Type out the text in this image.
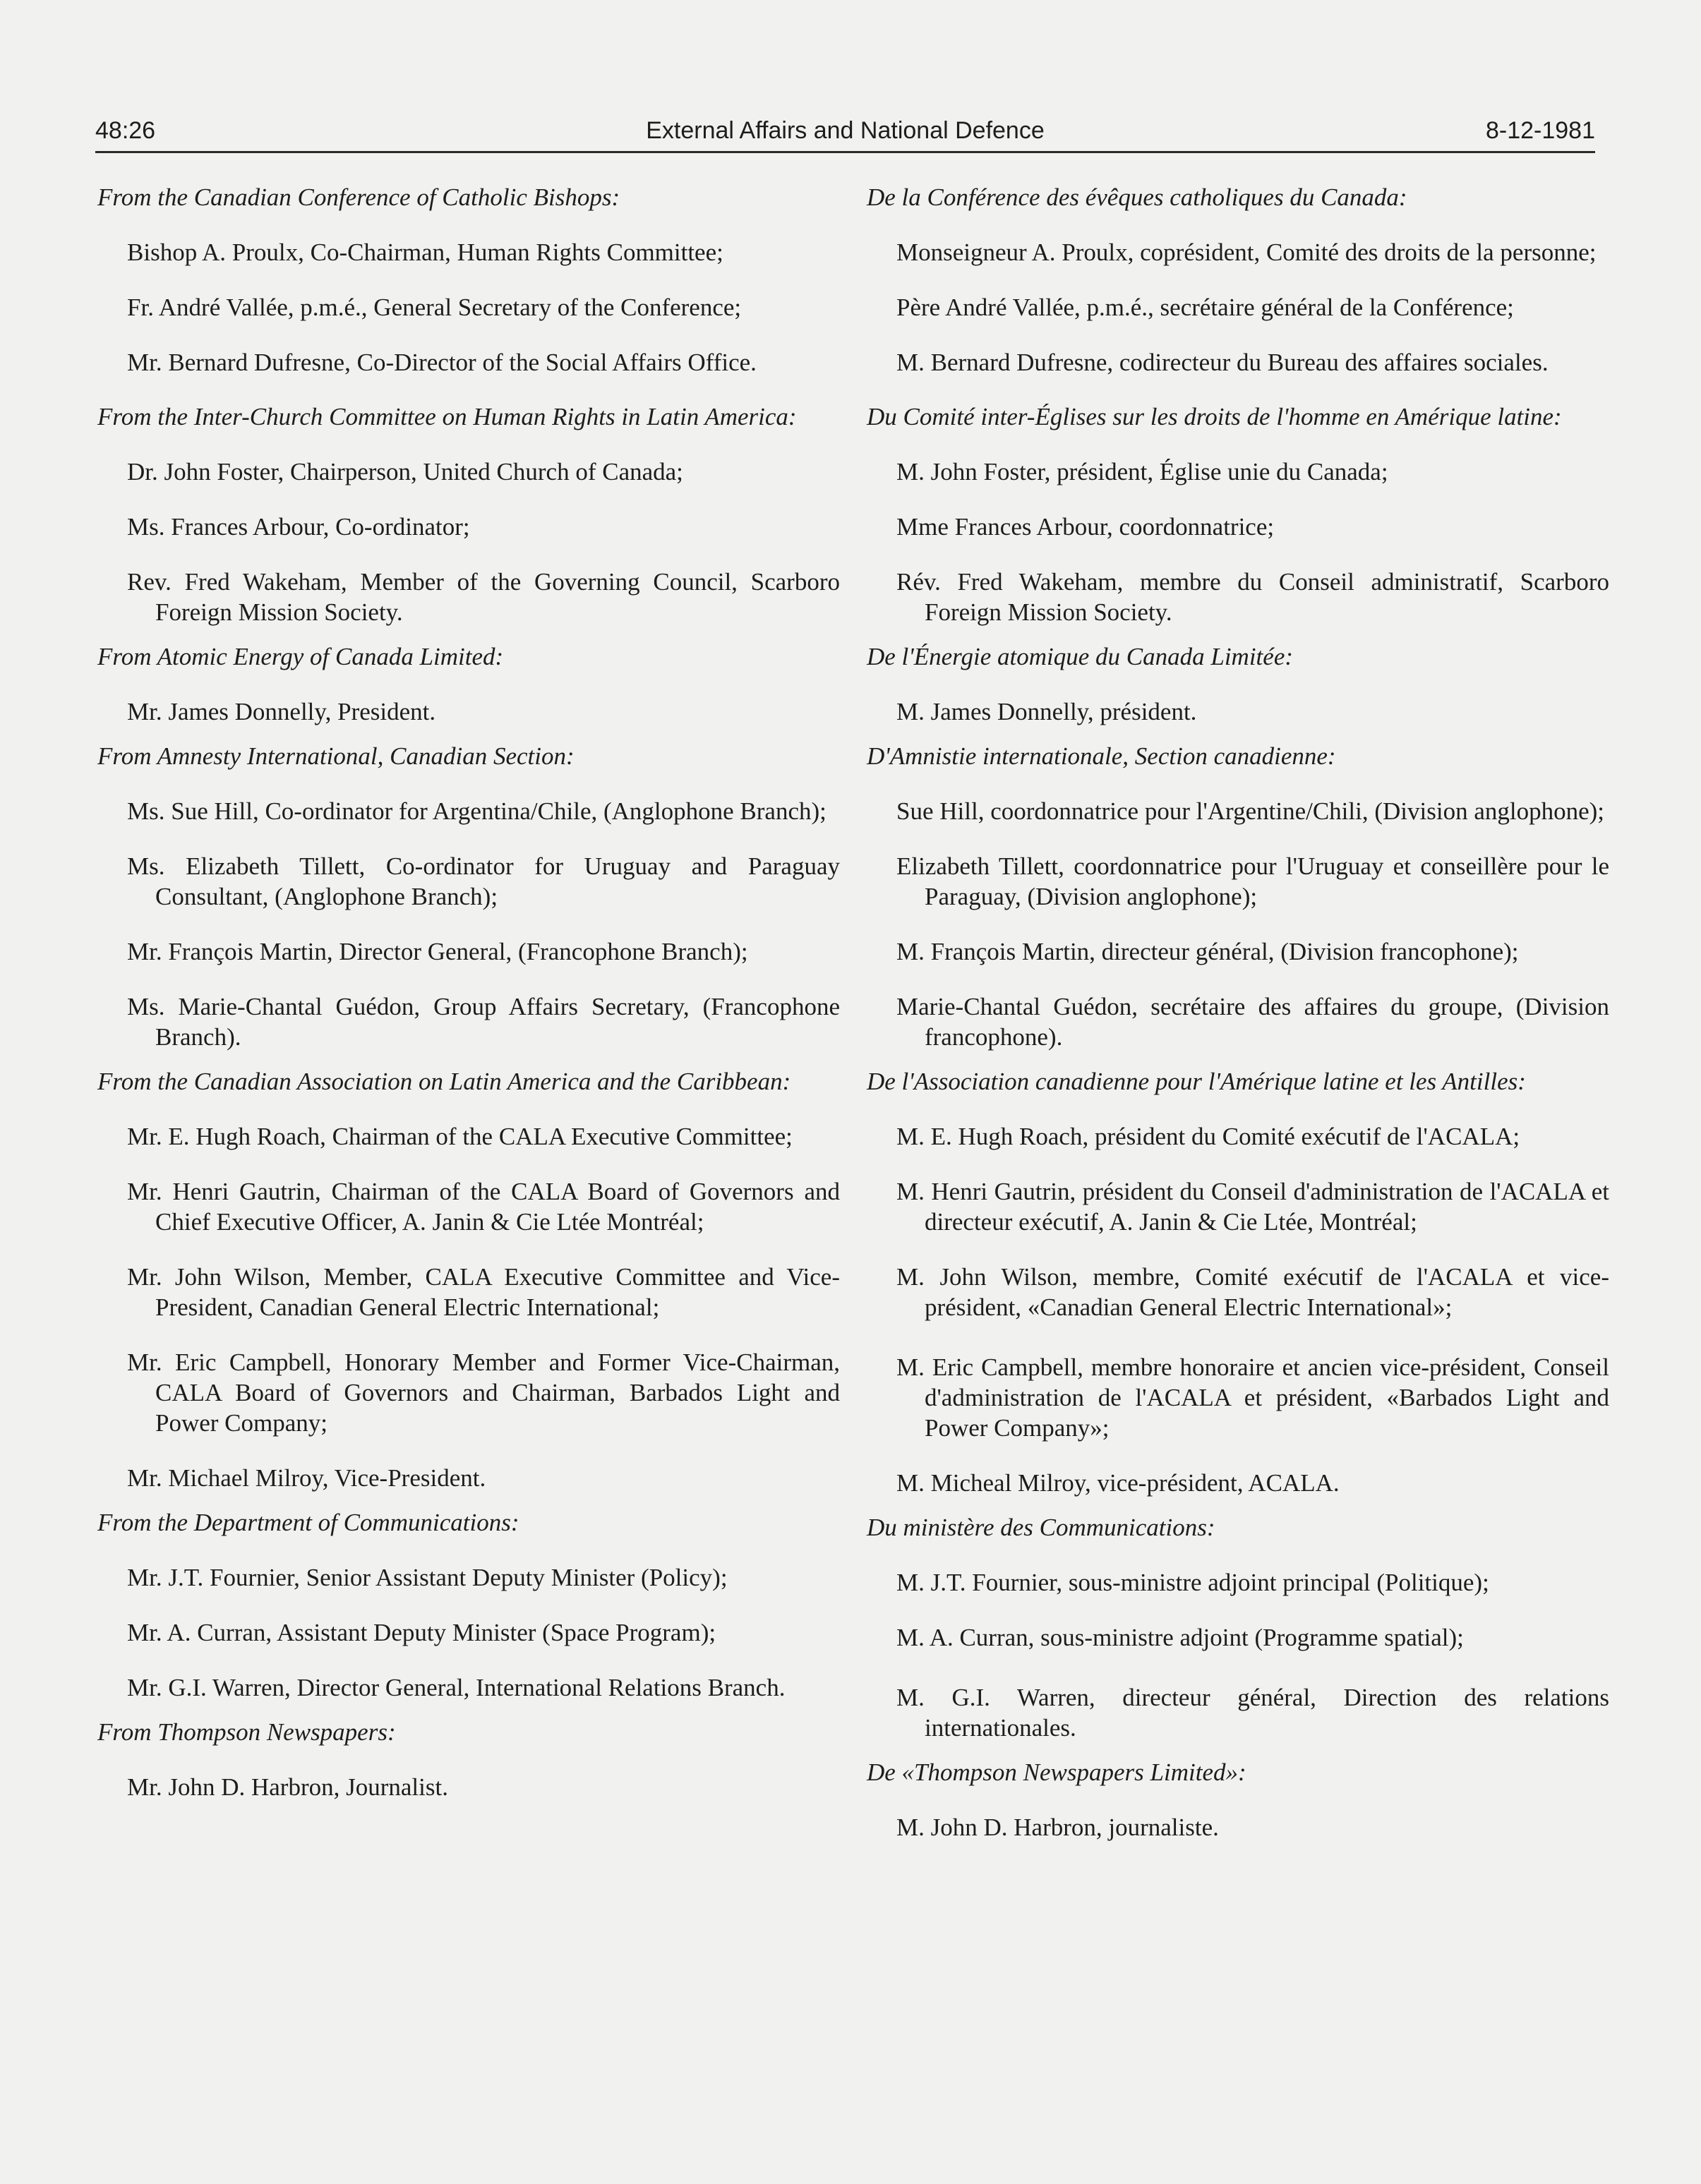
48:26	External Affairs and National Defence	8-12-1981

From the Canadian Conference of Catholic Bishops:

Bishop A. Proulx, Co-Chairman, Human Rights Committee;

Fr. André Vallée, p.m.é., General Secretary of the Conference;

Mr. Bernard Dufresne, Co-Director of the Social Affairs Office.

From the Inter-Church Committee on Human Rights in Latin America:

Dr. John Foster, Chairperson, United Church of Canada;

Ms. Frances Arbour, Co-ordinator;

Rev. Fred Wakeham, Member of the Governing Council, Scarboro Foreign Mission Society.

From Atomic Energy of Canada Limited:

Mr. James Donnelly, President.

From Amnesty International, Canadian Section:

Ms. Sue Hill, Co-ordinator for Argentina/Chile, (Anglophone Branch);

Ms. Elizabeth Tillett, Co-ordinator for Uruguay and Paraguay Consultant, (Anglophone Branch);

Mr. François Martin, Director General, (Francophone Branch);

Ms. Marie-Chantal Guédon, Group Affairs Secretary, (Francophone Branch).

From the Canadian Association on Latin America and the Caribbean:

Mr. E. Hugh Roach, Chairman of the CALA Executive Committee;

Mr. Henri Gautrin, Chairman of the CALA Board of Governors and Chief Executive Officer, A. Janin & Cie Ltée Montréal;

Mr. John Wilson, Member, CALA Executive Committee and Vice-President, Canadian General Electric International;

Mr. Eric Campbell, Honorary Member and Former Vice-Chairman, CALA Board of Governors and Chairman, Barbados Light and Power Company;

Mr. Michael Milroy, Vice-President.

From the Department of Communications:

Mr. J.T. Fournier, Senior Assistant Deputy Minister (Policy);

Mr. A. Curran, Assistant Deputy Minister (Space Program);

Mr. G.I. Warren, Director General, International Relations Branch.

From Thompson Newspapers:

Mr. John D. Harbron, Journalist.

De la Conférence des évêques catholiques du Canada:

Monseigneur A. Proulx, coprésident, Comité des droits de la personne;

Père André Vallée, p.m.é., secrétaire général de la Conférence;

M. Bernard Dufresne, codirecteur du Bureau des affaires sociales.

Du Comité inter-Églises sur les droits de l'homme en Amérique latine:

M. John Foster, président, Église unie du Canada;

Mme Frances Arbour, coordonnatrice;

Rév. Fred Wakeham, membre du Conseil administratif, Scarboro Foreign Mission Society.

De l'Énergie atomique du Canada Limitée:

M. James Donnelly, président.

D'Amnistie internationale, Section canadienne:

Sue Hill, coordonnatrice pour l'Argentine/Chili, (Division anglophone);

Elizabeth Tillett, coordonnatrice pour l'Uruguay et conseillère pour le Paraguay, (Division anglophone);

M. François Martin, directeur général, (Division francophone);

Marie-Chantal Guédon, secrétaire des affaires du groupe, (Division francophone).

De l'Association canadienne pour l'Amérique latine et les Antilles:

M. E. Hugh Roach, président du Comité exécutif de l'ACALA;

M. Henri Gautrin, président du Conseil d'administration de l'ACALA et directeur exécutif, A. Janin & Cie Ltée, Montréal;

M. John Wilson, membre, Comité exécutif de l'ACALA et vice-président, «Canadian General Electric International»;

M. Eric Campbell, membre honoraire et ancien vice-président, Conseil d'administration de l'ACALA et président, «Barbados Light and Power Company»;

M. Micheal Milroy, vice-président, ACALA.

Du ministère des Communications:

M. J.T. Fournier, sous-ministre adjoint principal (Politique);

M. A. Curran, sous-ministre adjoint (Programme spatial);

M. G.I. Warren, directeur général, Direction des relations internationales.

De «Thompson Newspapers Limited»:

M. John D. Harbron, journaliste.
